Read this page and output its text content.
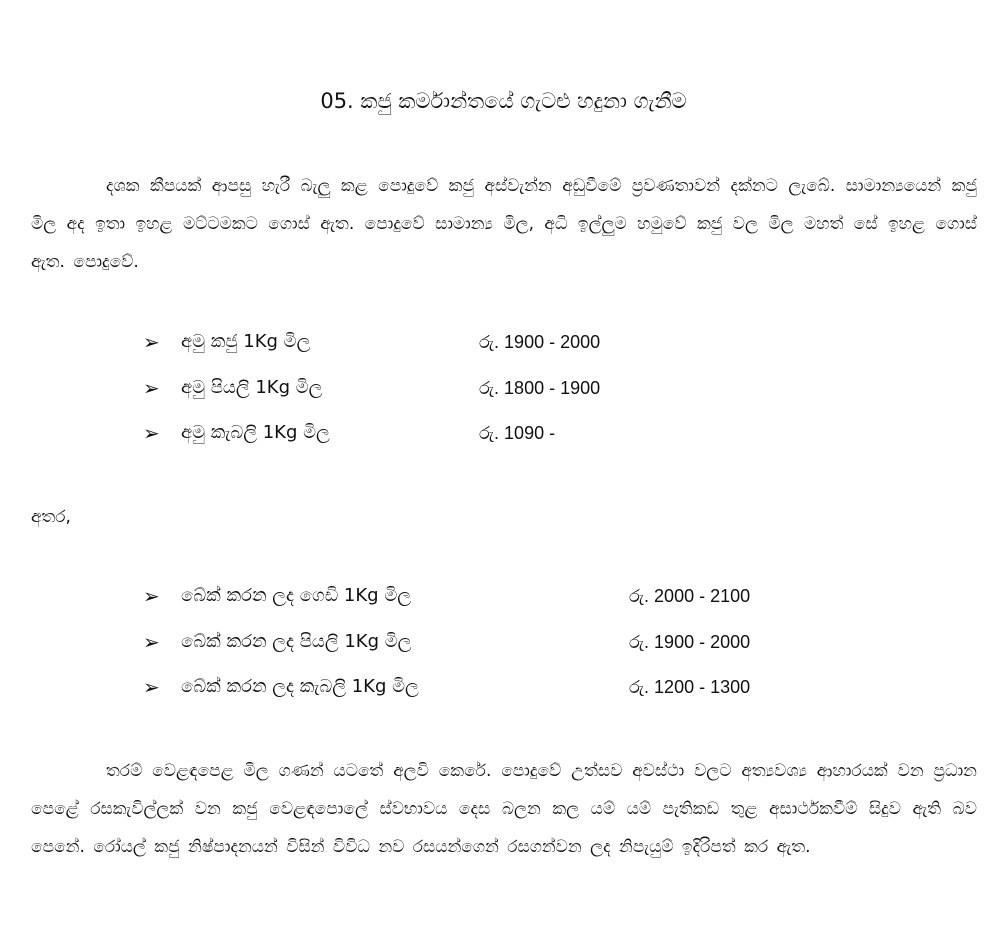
05. කජු කර්මාන්තයේ ගැටළු හදුනා ගැනීම
දශක කීපයක් ආපසු හැරී බැලු කළ පොදුවේ කජු අස්වැන්න අඩුවීමේ ප්‍රවණතාවන් දක්නට ලැබේ. සාමාන්‍යයෙන් කජු මිල අද ඉතා ඉහළ මට්ටමකට ගොස් ඇත. පොදුවේ සාමාන්‍ය මිල, අධි ඉල්ලුම හමුවේ කජු වල මිල මහත් සේ ඉහළ ගොස් ඇත. පොදුවේ.
➢ අමු කජු 1Kg මිල	රු. 1900 - 2000
➢ අමු පියලි 1Kg මිල	රු. 1800 - 1900
➢ අමු කැබලි 1Kg මිල	රු. 1090 -
අතර,
➢ බේක් කරන ලද ගෙඩි 1Kg මිල	රු. 2000 - 2100
➢ බේක් කරන ලද පියලි 1Kg මිල	රු. 1900 - 2000
➢ බේක් කරන ලද කැබලි 1Kg මිල	රු. 1200 - 1300
තරම් වෙළඳපෙළ මිල ගණන් යටතේ අලවි කෙරේ. පොදුවේ උත්සව අවස්ථා වලට අත්‍යවශ්‍ය ආහාරයක් වන ප්‍රධාන පෙළේ රසකැවිල්ලක් වන කජු වෙළඳපොලේ ස්වභාවය දෙස බලන කල යම් යම් පැතිකඩ තුළ අසාර්ථකවීම් සිදුව ඇති බව පෙනේ. රෝයල් කජු නිෂ්පාදනයන් විසින් විවිධ නව රසයන්ගෙන් රසගන්වන ලද නිපැයුම් ඉදිරිපත් කර ඇත.
